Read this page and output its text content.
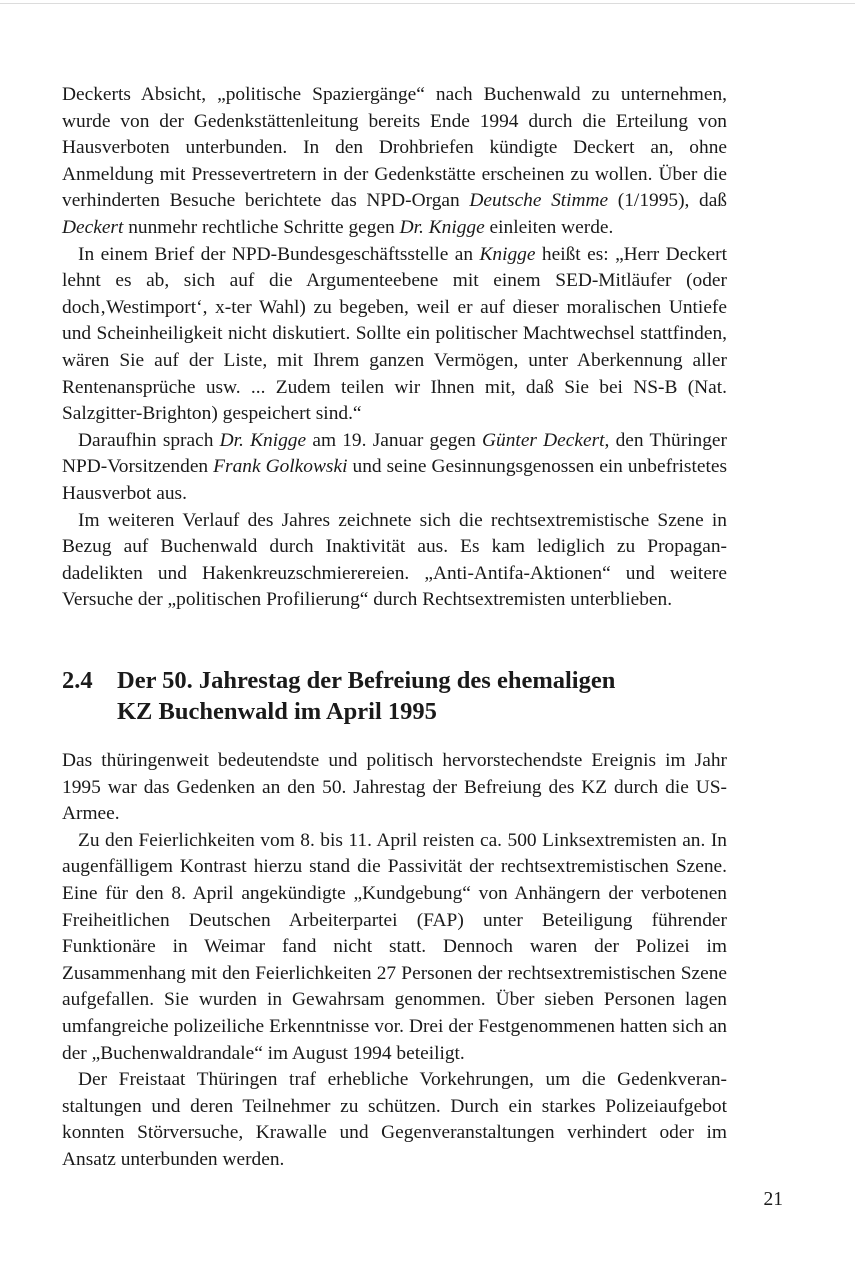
Deckerts Absicht, „politische Spaziergänge“ nach Buchenwald zu unternehmen, wurde von der Gedenkstättenleitung bereits Ende 1994 durch die Erteilung von Hausverboten unterbunden. In den Drohbriefen kündigte Deckert an, ohne Anmeldung mit Pressevertretern in der Gedenkstätte erscheinen zu wollen. Über die verhinderten Besuche berichtete das NPD-Organ Deutsche Stimme (1/1995), daß Deckert nunmehr rechtliche Schritte gegen Dr. Knigge einleiten werde.

In einem Brief der NPD-Bundesgeschäftsstelle an Knigge heißt es: „Herr Deckert lehnt es ab, sich auf die Argumenteebene mit einem SED-Mitläufer (oder doch‚Westimport‘, x-ter Wahl) zu begeben, weil er auf dieser moralischen Untiefe und Scheinheiligkeit nicht diskutiert. Sollte ein politischer Machtwechsel stattfinden, wären Sie auf der Liste, mit Ihrem ganzen Vermögen, unter Aberkennung aller Rentenansprüche usw. ... Zudem teilen wir Ihnen mit, daß Sie bei NS-B (Nat. Salzgitter-Brighton) gespeichert sind.“

Daraufhin sprach Dr. Knigge am 19. Januar gegen Günter Deckert, den Thüringer NPD-Vorsitzenden Frank Golkowski und seine Gesinnungsgenossen ein unbefristetes Hausverbot aus.

Im weiteren Verlauf des Jahres zeichnete sich die rechtsextremistische Szene in Bezug auf Buchenwald durch Inaktivität aus. Es kam lediglich zu Propagandadelikten und Hakenkreuzschmierereien. „Anti-Antifa-Aktionen“ und weitere Versuche der „politischen Profilierung“ durch Rechtsextremisten unterblieben.

2.4 Der 50. Jahrestag der Befreiung des ehemaligen
KZ Buchenwald im April 1995

Das thüringenweit bedeutendste und politisch hervorstechendste Ereignis im Jahr 1995 war das Gedenken an den 50. Jahrestag der Befreiung des KZ durch die US-Armee.

Zu den Feierlichkeiten vom 8. bis 11. April reisten ca. 500 Linksextremisten an. In augenfälligem Kontrast hierzu stand die Passivität der rechtsextremistischen Szene. Eine für den 8. April angekündigte „Kundgebung“ von Anhängern der verbotenen Freiheitlichen Deutschen Arbeiterpartei (FAP) unter Beteiligung führender Funktionäre in Weimar fand nicht statt. Dennoch waren der Polizei im Zusammenhang mit den Feierlichkeiten 27 Personen der rechtsextremistischen Szene aufgefallen. Sie wurden in Gewahrsam genommen. Über sieben Personen lagen umfangreiche polizeiliche Erkenntnisse vor. Drei der Festgenommenen hatten sich an der „Buchenwaldrandale“ im August 1994 beteiligt.

Der Freistaat Thüringen traf erhebliche Vorkehrungen, um die Gedenkveranstaltungen und deren Teilnehmer zu schützen. Durch ein starkes Polizeiaufgebot konnten Störversuche, Krawalle und Gegenveranstaltungen verhindert oder im Ansatz unterbunden werden.

21
